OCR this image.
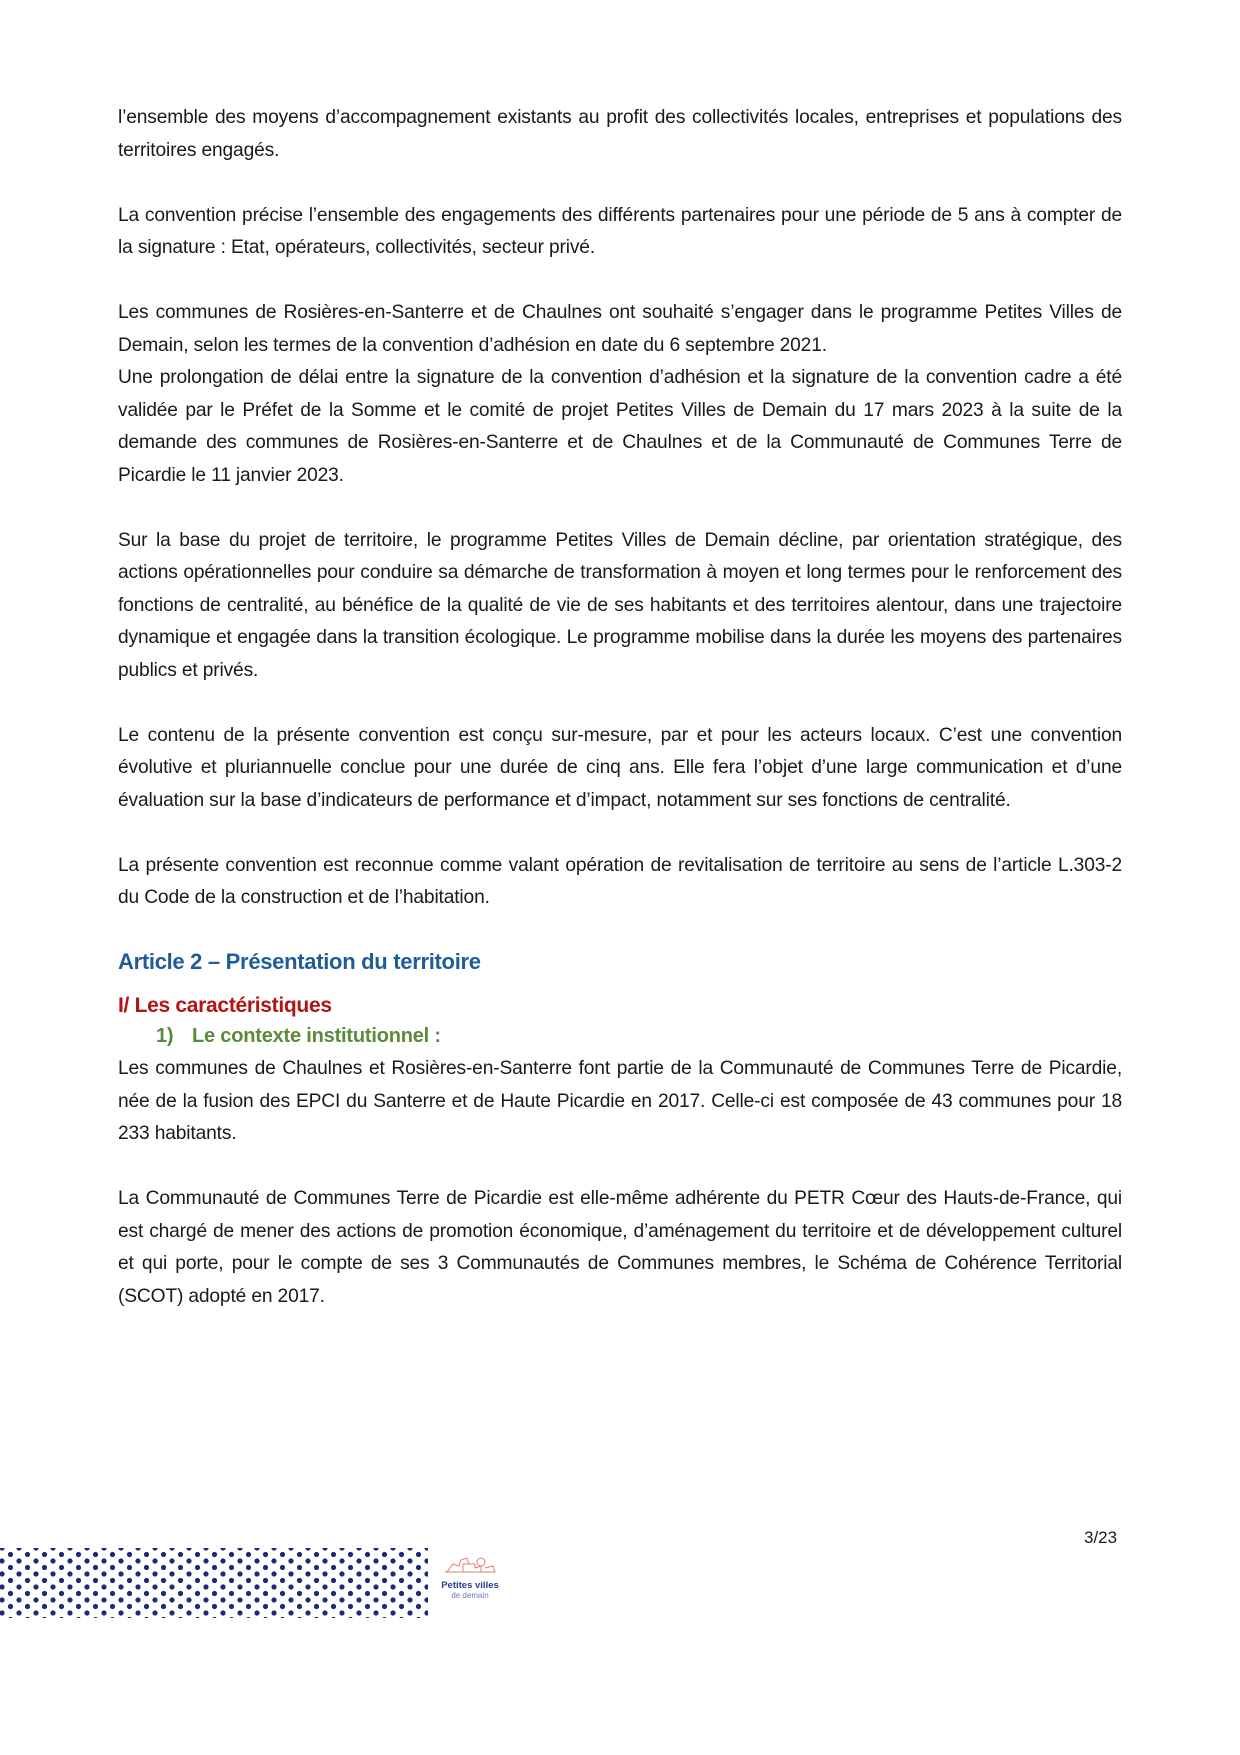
l’ensemble des moyens d’accompagnement existants au profit des collectivités locales, entreprises et populations des territoires engagés.

La convention précise l’ensemble des engagements des différents partenaires pour une période de 5 ans à compter de la signature : Etat, opérateurs, collectivités, secteur privé.

Les communes de Rosières-en-Santerre et de Chaulnes ont souhaité s’engager dans le programme Petites Villes de Demain, selon les termes de la convention d’adhésion en date du 6 septembre 2021.

Une prolongation de délai entre la signature de la convention d’adhésion et la signature de la convention cadre a été validée par le Préfet de la Somme et le comité de projet Petites Villes de Demain du 17 mars 2023 à la suite de la demande des communes de Rosières-en-Santerre et de Chaulnes et de la Communauté de Communes Terre de Picardie le 11 janvier 2023.

Sur la base du projet de territoire, le programme Petites Villes de Demain décline, par orientation stratégique, des actions opérationnelles pour conduire sa démarche de transformation à moyen et long termes pour le renforcement des fonctions de centralité, au bénéfice de la qualité de vie de ses habitants et des territoires alentour, dans une trajectoire dynamique et engagée dans la transition écologique. Le programme mobilise dans la durée les moyens des partenaires publics et privés.

Le contenu de la présente convention est conçu sur-mesure, par et pour les acteurs locaux. C’est une convention évolutive et pluriannuelle conclue pour une durée de cinq ans. Elle fera l’objet d’une large communication et d’une évaluation sur la base d’indicateurs de performance et d’impact, notamment sur ses fonctions de centralité.

La présente convention est reconnue comme valant opération de revitalisation de territoire au sens de l’article L.303-2 du Code de la construction et de l’habitation.

Article 2 – Présentation du territoire
I/ Les caractéristiques
1) Le contexte institutionnel :

Les communes de Chaulnes et Rosières-en-Santerre font partie de la Communauté de Communes Terre de Picardie, née de la fusion des EPCI du Santerre et de Haute Picardie en 2017. Celle-ci est composée de 43 communes pour 18 233 habitants.

La Communauté de Communes Terre de Picardie est elle-même adhérente du PETR Cœur des Hauts-de-France, qui est chargé de mener des actions de promotion économique, d’aménagement du territoire et de développement culturel et qui porte, pour le compte de ses 3 Communautés de Communes membres, le Schéma de Cohérence Territorial (SCOT) adopté en 2017.

Petites villes
de demain
3/23
